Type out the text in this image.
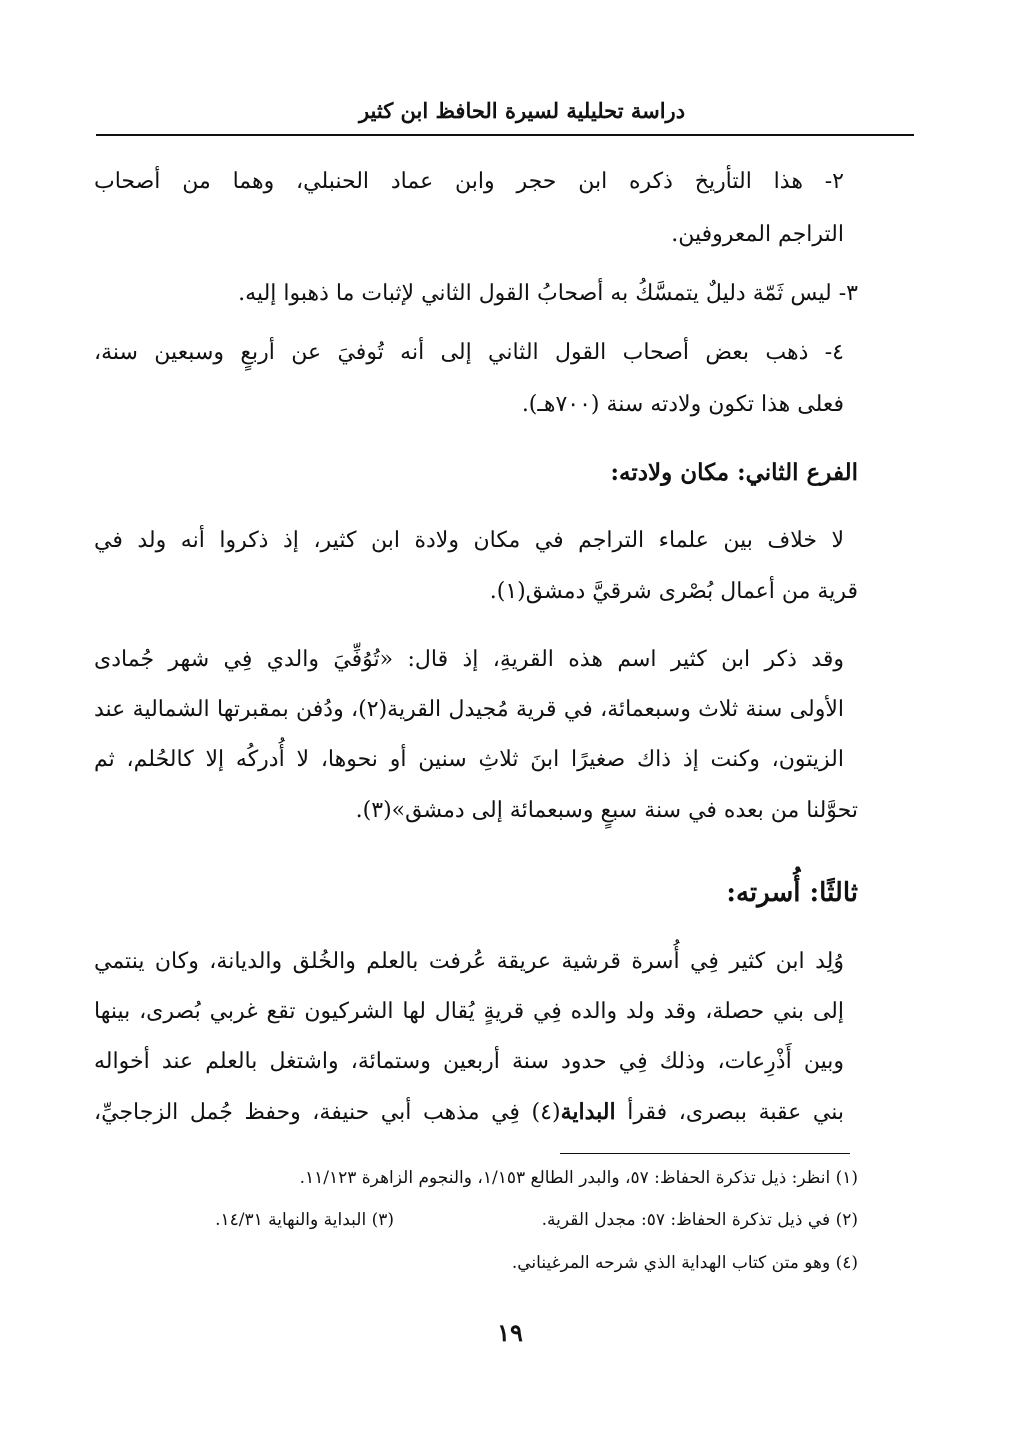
دراسة تحليلية لسيرة الحافظ ابن كثير
٢- هذا التأريخ ذكره ابن حجر وابن عماد الحنبلي، وهما من أصحاب
التراجم المعروفين.
٣- ليس ثَمّة دليلٌ يتمسَّكُ به أصحابُ القول الثاني لإثبات ما ذهبوا إليه.
٤- ذهب بعض أصحاب القول الثاني إلى أنه تُوفيَ عن أربعٍ وسبعين سنة،
فعلى هذا تكون ولادته سنة (٧٠٠هـ).
الفرع الثاني: مكان ولادته:
لا خلاف بين علماء التراجم في مكان ولادة ابن كثير، إذ ذكروا أنه ولد في
قرية من أعمال بُصْرى شرقيَّ دمشق(١).
وقد ذكر ابن كثير اسم هذه القريةِ، إذ قال: «تُوُفِّيَ والدي فِي شهر جُمادى
الأولى سنة ثلاث وسبعمائة، في قرية مُجيدل القرية(٢)، ودُفن بمقبرتها الشمالية عند
الزيتون، وكنت إذ ذاك صغيرًا ابنَ ثلاثِ سنين أو نحوها، لا أُدركُه إلا كالحُلم، ثم
تحوَّلنا من بعده في سنة سبعٍ وسبعمائة إلى دمشق»(٣).
ثالثًا: أُسرته:
وُلِد ابن كثير فِي أُسرة قرشية عريقة عُرفت بالعلم والخُلق والديانة، وكان ينتمي
إلى بني حصلة، وقد ولد والده فِي قريةٍ يُقال لها الشركيون تقع غربي بُصرى، بينها
وبين أَذْرِعات، وذلك فِي حدود سنة أربعين وستمائة، واشتغل بالعلم عند أخواله
بني عقبة ببصرى، فقرأ البداية(٤) فِي مذهب أبي حنيفة، وحفظ جُمل الزجاجيِّ،
(١) انظر: ذيل تذكرة الحفاظ: ٥٧، والبدر الطالع ١/١٥٣، والنجوم الزاهرة ١١/١٢٣.
(٢) في ذيل تذكرة الحفاظ: ٥٧: مجدل القرية.
(٣) البداية والنهاية ١٤/٣١.
(٤) وهو متن كتاب الهداية الذي شرحه المرغيناني.
١٩
